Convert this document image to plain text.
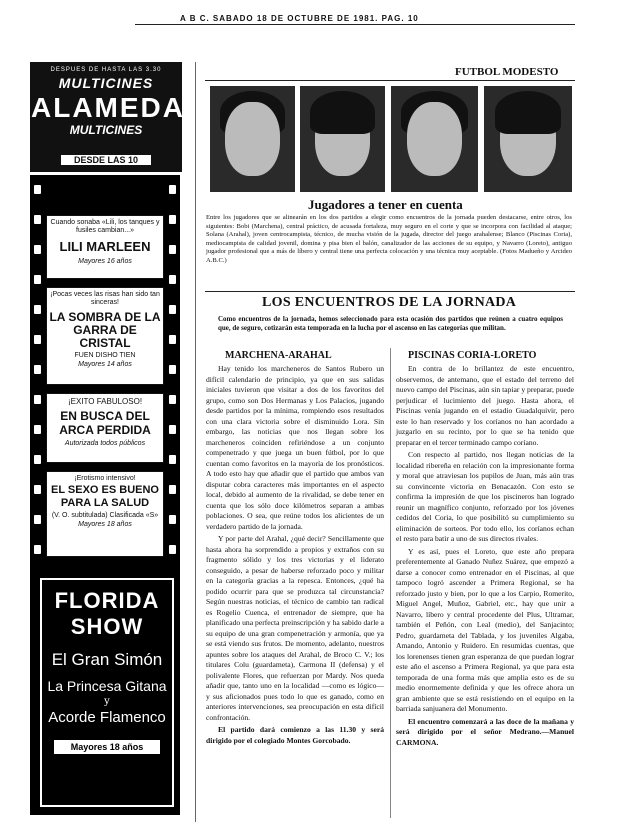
A B C. SABADO 18 DE OCTUBRE DE 1981. PAG. 10
DESPUES DE HASTA LAS 3.30
MULTICINES
ALAMEDA
MULTICINES
DESDE LAS 10
Cuando sonaba «Lili, los tanques y fusiles cambian...»
LILI MARLEEN
Mayores 16 años
¡Pocas veces las risas han sido tan sinceras!
LA SOMBRA DE LA GARRA DE CRISTAL
FUEN DISHO TIEN
Mayores 14 años
¡EXITO FABULOSO!
EN BUSCA DEL ARCA PERDIDA
Autorizada todos públicos
¡Erotismo intensivo!
EL SEXO ES BUENO PARA LA SALUD
(V. O. subtitulada) Clasificada «S»
Mayores 18 años
FLORIDA
SHOW
El Gran Simón
La Princesa Gitana
y
Acorde Flamenco
Mayores 18 años
FUTBOL MODESTO
Jugadores a tener en cuenta
Entre los jugadores que se alinearán en los dos partidos a elegir como encuentros de la jornada pueden destacarse, entre otros, los siguientes: Bobi (Marchena), central práctico, de acusada fortaleza, muy seguro en el corte y que se incorpora con facilidad al ataque; Solana (Arahal), joven centrocampista, técnico, de mucha visión de la jugada, director del juego arahalense; Blanco (Piscinas Coria), mediocampista de calidad jovenil, domina y pisa bien el balón, canalizador de las acciones de su equipo, y Navarro (Loreto), antiguo jugador profesional que a más de líbero y central tiene una perfecta colocación y una técnica muy aceptable. (Fotos Madueño y Arcideo A.B.C.)
LOS ENCUENTROS DE LA JORNADA
Como encuentros de la jornada, hemos seleccionado para esta ocasión dos partidos que reúnen a cuatro equipos que, de seguro, cotizarán esta temporada en la lucha por el ascenso en las categorías que militan.
MARCHENA-ARAHAL

Hay tenido los marcheneros de Santos Rubero un difícil calendario de principio, ya que en sus salidas iniciales tuvieron que visitar a dos de los favoritos del grupo, como son Dos Hermanas y Los Palacios, jugando desde partidos por la mínima, rompiendo esos resultados con una clara victoria sobre el disminuido Lora. Sin embargo, las noticias que nos llegan sobre los marcheneros coinciden refiriéndose a un conjunto compenetrado y que juega un buen fútbol, por lo que cuentan como favoritos en la mayoría de los pronósticos. A todo esto hay que añadir que el partido que ambos van disputar cobra caracteres más importantes en el aspecto local, debido al aumento de la rivalidad, se debe tener en cuenta que los sólo doce kilómetros separan a ambas poblaciones. O sea, que reúne todos los alicientes de un verdadero partido de la jornada.

Y por parte del Arahal, ¿qué decir? Sencillamente que hasta ahora ha sorprendido a propios y extraños con su fragmento sólido y los tres victorias y el liderato conseguido, a pesar de haberse reforzado poco y militar en la categoría gracias a la repesca. Entonces, ¿qué ha podido ocurrir para que se produzca tal circunstancia? Según nuestras noticias, el técnico de cambio tan radical es Rogelio Cuenca, el entrenador de siempre, que ha planificado una perfecta preinscripción y ha sabido darle a su equipo de una gran compenetración y armonía, que ya se está viendo sus frutos. De momento, adelanto, nuestros apuntes sobre los ataques del Arahal, de Broco C. V.; los titulares Colu (guardameta), Carmona II (defensa) y el polivalente Flores, que refuerzan por Mardy. Nos queda añadir que, tanto uno en la localidad —como es lógico— y sus aficionados pues todo lo que es ganado, como en anteriores intervenciones, sea preocupación en esta difícil confrontación.

El partido dará comienzo a las 11.30 y será dirigido por el colegiado Montes Gorcobado.

PISCINAS CORIA-LORETO

En contra de lo brillantez de este encuentro, observemos, de antemano, que el estado del terreno del nuevo campo del Piscinas, aún sin tapiar y preparar, puede perjudicar el lucimiento del juego. Hasta ahora, el Piscinas venía jugando en el estadio Guadalquivir, pero este lo han reservado y los coríanos no han acordado a juzgarlo en su recinto, por lo que se ha tenido que preparar en el tercer terminado campo coríano.

Con respecto al partido, nos llegan noticias de la localidad ribereña en relación con la impresionante forma y moral que atraviesan los pupilos de Juan, más aún tras su convincente victoria en Benacazón. Con esto se confirma la impresión de que los piscineros han logrado reunir un magnífico conjunto, reforzado por los jóvenes cedidos del Coria, lo que posibilitó su cumplimiento su eliminación de sorteos. Por todo ello, los coríanos echan el resto para batir a uno de sus directos rivales.

Y es así, pues el Loreto, que este año prepara preferentemente al Ganado Nuñez Suárez, que empezó a darse a conocer como entrenador en el Piscinas, al que tampoco logró ascender a Primera Regional, se ha reforzado justo y bien, por lo que a los Carpio, Romerito, Miguel Angel, Muñoz, Gabriel, etc., hay que unir a Navarro, líbero y central procedente del Plus, Ultramar, también el Peñón, con Leal (medio), del Sanjacinto; Pedro, guardameta del Tablada, y los juveniles Algaba, Amando, Antonio y Ruidero. En resumidas cuentas, que los lorenenses tienen gran esperanza de que puedan lograr este año el ascenso a Primera Regional, ya que para esta temporada de una forma más que amplia esto es de su medio enormemente definida y que les ofrece ahora un gran ambiente que se está resistiendo en el equipo en la barriada sanjuanera del Monumento.

El encuentro comenzará a las doce de la mañana y será dirigido por el señor Medrano.—Manuel CARMONA.
